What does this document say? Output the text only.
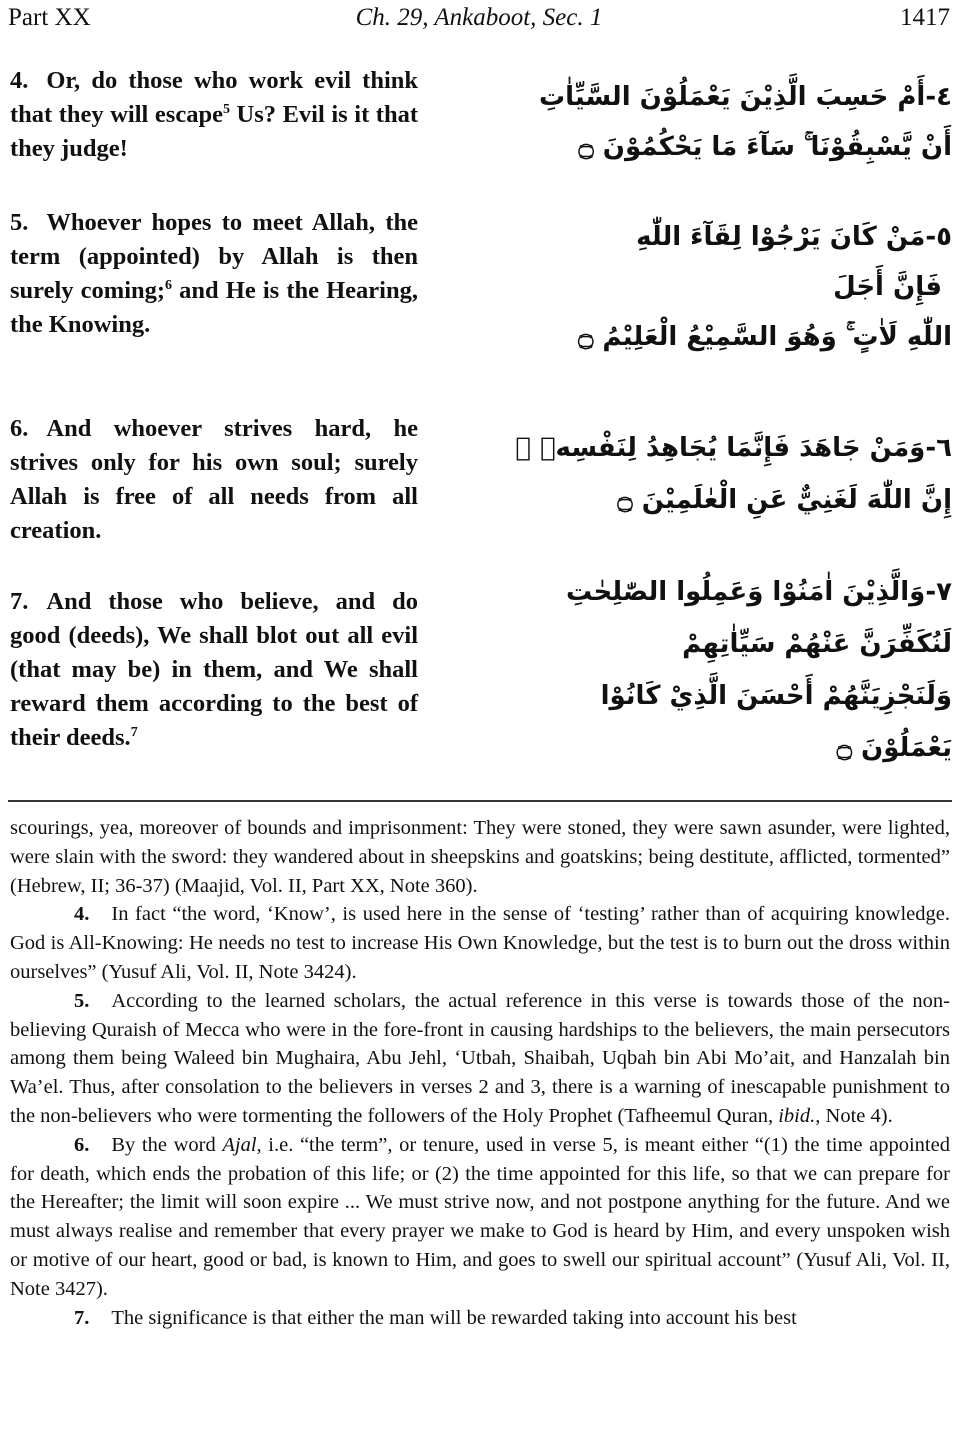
Part XX	Ch. 29, Ankaboot, Sec. 1	1417
4. Or, do those who work evil think that they will escape$^5$ Us? Evil is it that they judge!
٤-أَمْ حَسِبَ الَّذِيْنَ يَعْمَلُوْنَ السَّيِّاٰتِ
أَنْ يَّسْبِقُوْنَا ۚ سَآءَ مَا يَحْكُمُوْنَ ۝
5. Whoever hopes to meet Allah, the term (appointed) by Allah is then surely coming;$^6$ and He is the Hearing, the Knowing.
٥-مَنْ كَانَ يَرْجُوْا لِقَآءَ اللّٰهِ
فَإِنَّ أَجَلَ
اللّٰهِ لَاٰتٍ ۚ وَهُوَ السَّمِيْعُ الْعَلِيْمُ ۝
6. And whoever strives hard, he strives only for his own soul; surely Allah is free of all needs from all creation.
٦-وَمَنْ جَاهَدَ فَإِنَّمَا يُجَاهِدُ لِنَفْسِهٖ ۚ
إِنَّ اللّٰهَ لَغَنِيٌّ عَنِ الْعٰلَمِيْنَ ۝
7. And those who believe, and do good (deeds), We shall blot out all evil (that may be) in them, and We shall reward them according to the best of their deeds.$^7$
٧-وَالَّذِيْنَ اٰمَنُوْا وَعَمِلُوا الصّٰلِحٰتِ
لَنُكَفِّرَنَّ عَنْهُمْ سَيِّاٰتِهِمْ
وَلَنَجْزِيَنَّهُمْ أَحْسَنَ الَّذِيْ كَانُوْا
يَعْمَلُوْنَ ۝

scourings, yea, moreover of bounds and imprisonment: They were stoned, they were sawn asunder, were lighted, were slain with the sword: they wandered about in sheepskins and goatskins; being destitute, afflicted, tormented” (Hebrew, II; 36-37) (Maajid, Vol. II, Part XX, Note 360).

4. In fact “the word, ‘Know’, is used here in the sense of ‘testing’ rather than of acquiring knowledge. God is All-Knowing: He needs no test to increase His Own Knowledge, but the test is to burn out the dross within ourselves” (Yusuf Ali, Vol. II, Note 3424).

5. According to the learned scholars, the actual reference in this verse is towards those of the non-believing Quraish of Mecca who were in the fore-front in causing hardships to the believers, the main persecutors among them being Waleed bin Mughaira, Abu Jehl, ‘Utbah, Shaibah, Uqbah bin Abi Mo’ait, and Hanzalah bin Wa’el. Thus, after consolation to the believers in verses 2 and 3, there is a warning of inescapable punishment to the non-believers who were tormenting the followers of the Holy Prophet (Tafheemul Quran, ibid., Note 4).

6. By the word Ajal, i.e. “the term”, or tenure, used in verse 5, is meant either “(1) the time appointed for death, which ends the probation of this life; or (2) the time appointed for this life, so that we can prepare for the Hereafter; the limit will soon expire ... We must strive now, and not postpone anything for the future. And we must always realise and remember that every prayer we make to God is heard by Him, and every unspoken wish or motive of our heart, good or bad, is known to Him, and goes to swell our spiritual account” (Yusuf Ali, Vol. II, Note 3427).

7. The significance is that either the man will be rewarded taking into account his best
